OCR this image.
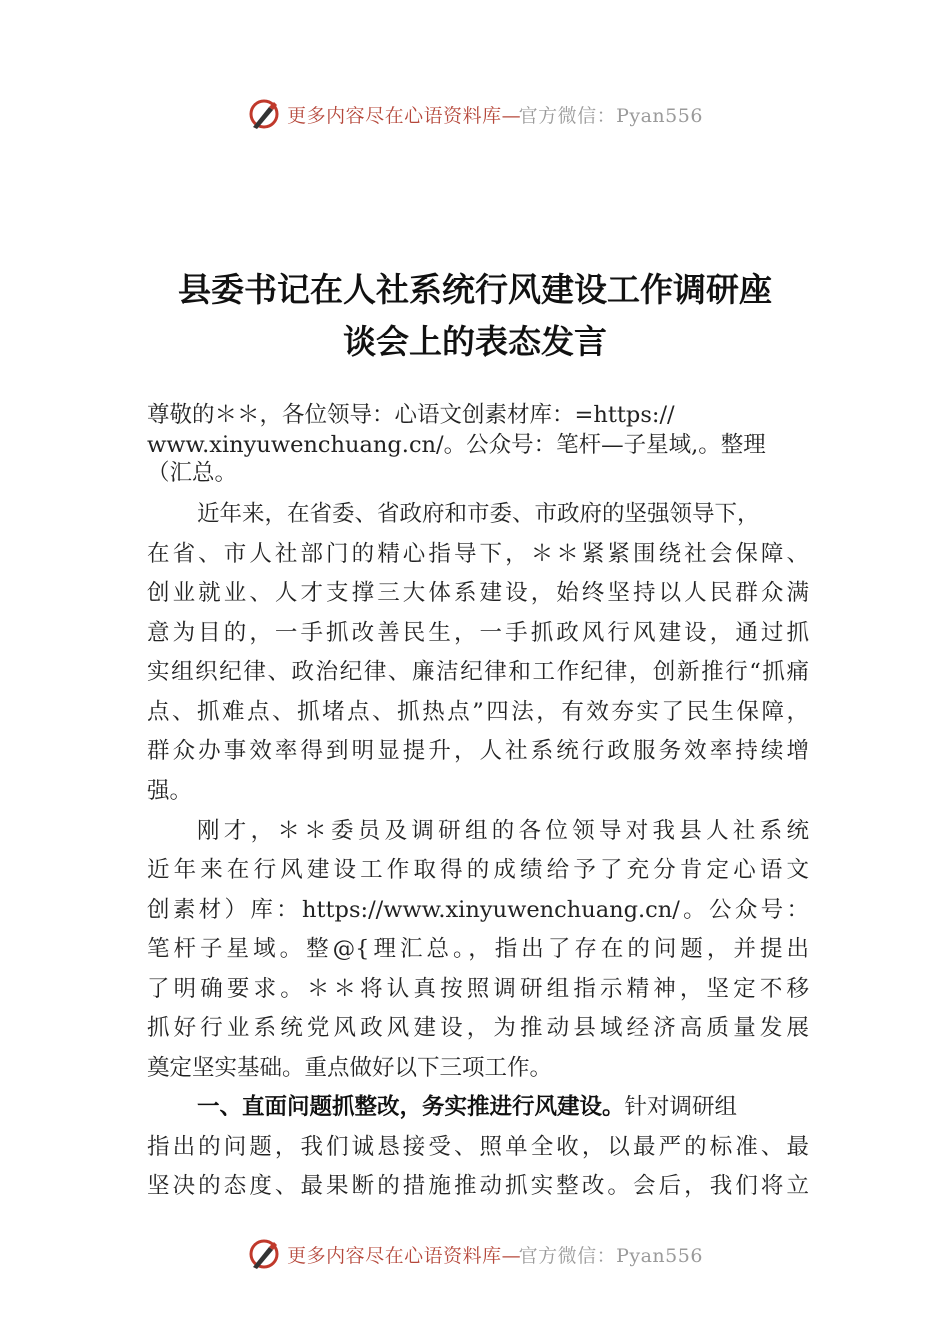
更多内容尽在心语资料库—官方微信：Pyan556
县委书记在人社系统行风建设工作调研座
谈会上的表态发言
尊敬的＊＊，各位领导：心语文创素材库：=https://
www.xinyuwenchuang.cn/。公众号：笔杆—子星域,。整理
（汇总。
近年来，在省委、省政府和市委、市政府的坚强领导下，
在省、市人社部门的精心指导下，＊＊紧紧围绕社会保障、
创业就业、人才支撑三大体系建设，始终坚持以人民群众满
意为目的，一手抓改善民生，一手抓政风行风建设，通过抓
实组织纪律、政治纪律、廉洁纪律和工作纪律，创新推行“抓痛
点、抓难点、抓堵点、抓热点”四法，有效夯实了民生保障，
群众办事效率得到明显提升，人社系统行政服务效率持续增
强。
刚才，＊＊委员及调研组的各位领导对我县人社系统
近年来在行风建设工作取得的成绩给予了充分肯定心语文
创素材）库：https://www.xinyuwenchuang.cn/。公众号：
笔杆子星域。整@{理汇总。，指出了存在的问题，并提出
了明确要求。＊＊将认真按照调研组指示精神，坚定不移
抓好行业系统党风政风建设，为推动县域经济高质量发展
奠定坚实基础。重点做好以下三项工作。
一、直面问题抓整改，务实推进行风建设。针对调研组
指出的问题，我们诚恳接受、照单全收，以最严的标准、最
坚决的态度、最果断的措施推动抓实整改。会后，我们将立
更多内容尽在心语资料库—官方微信：Pyan556
